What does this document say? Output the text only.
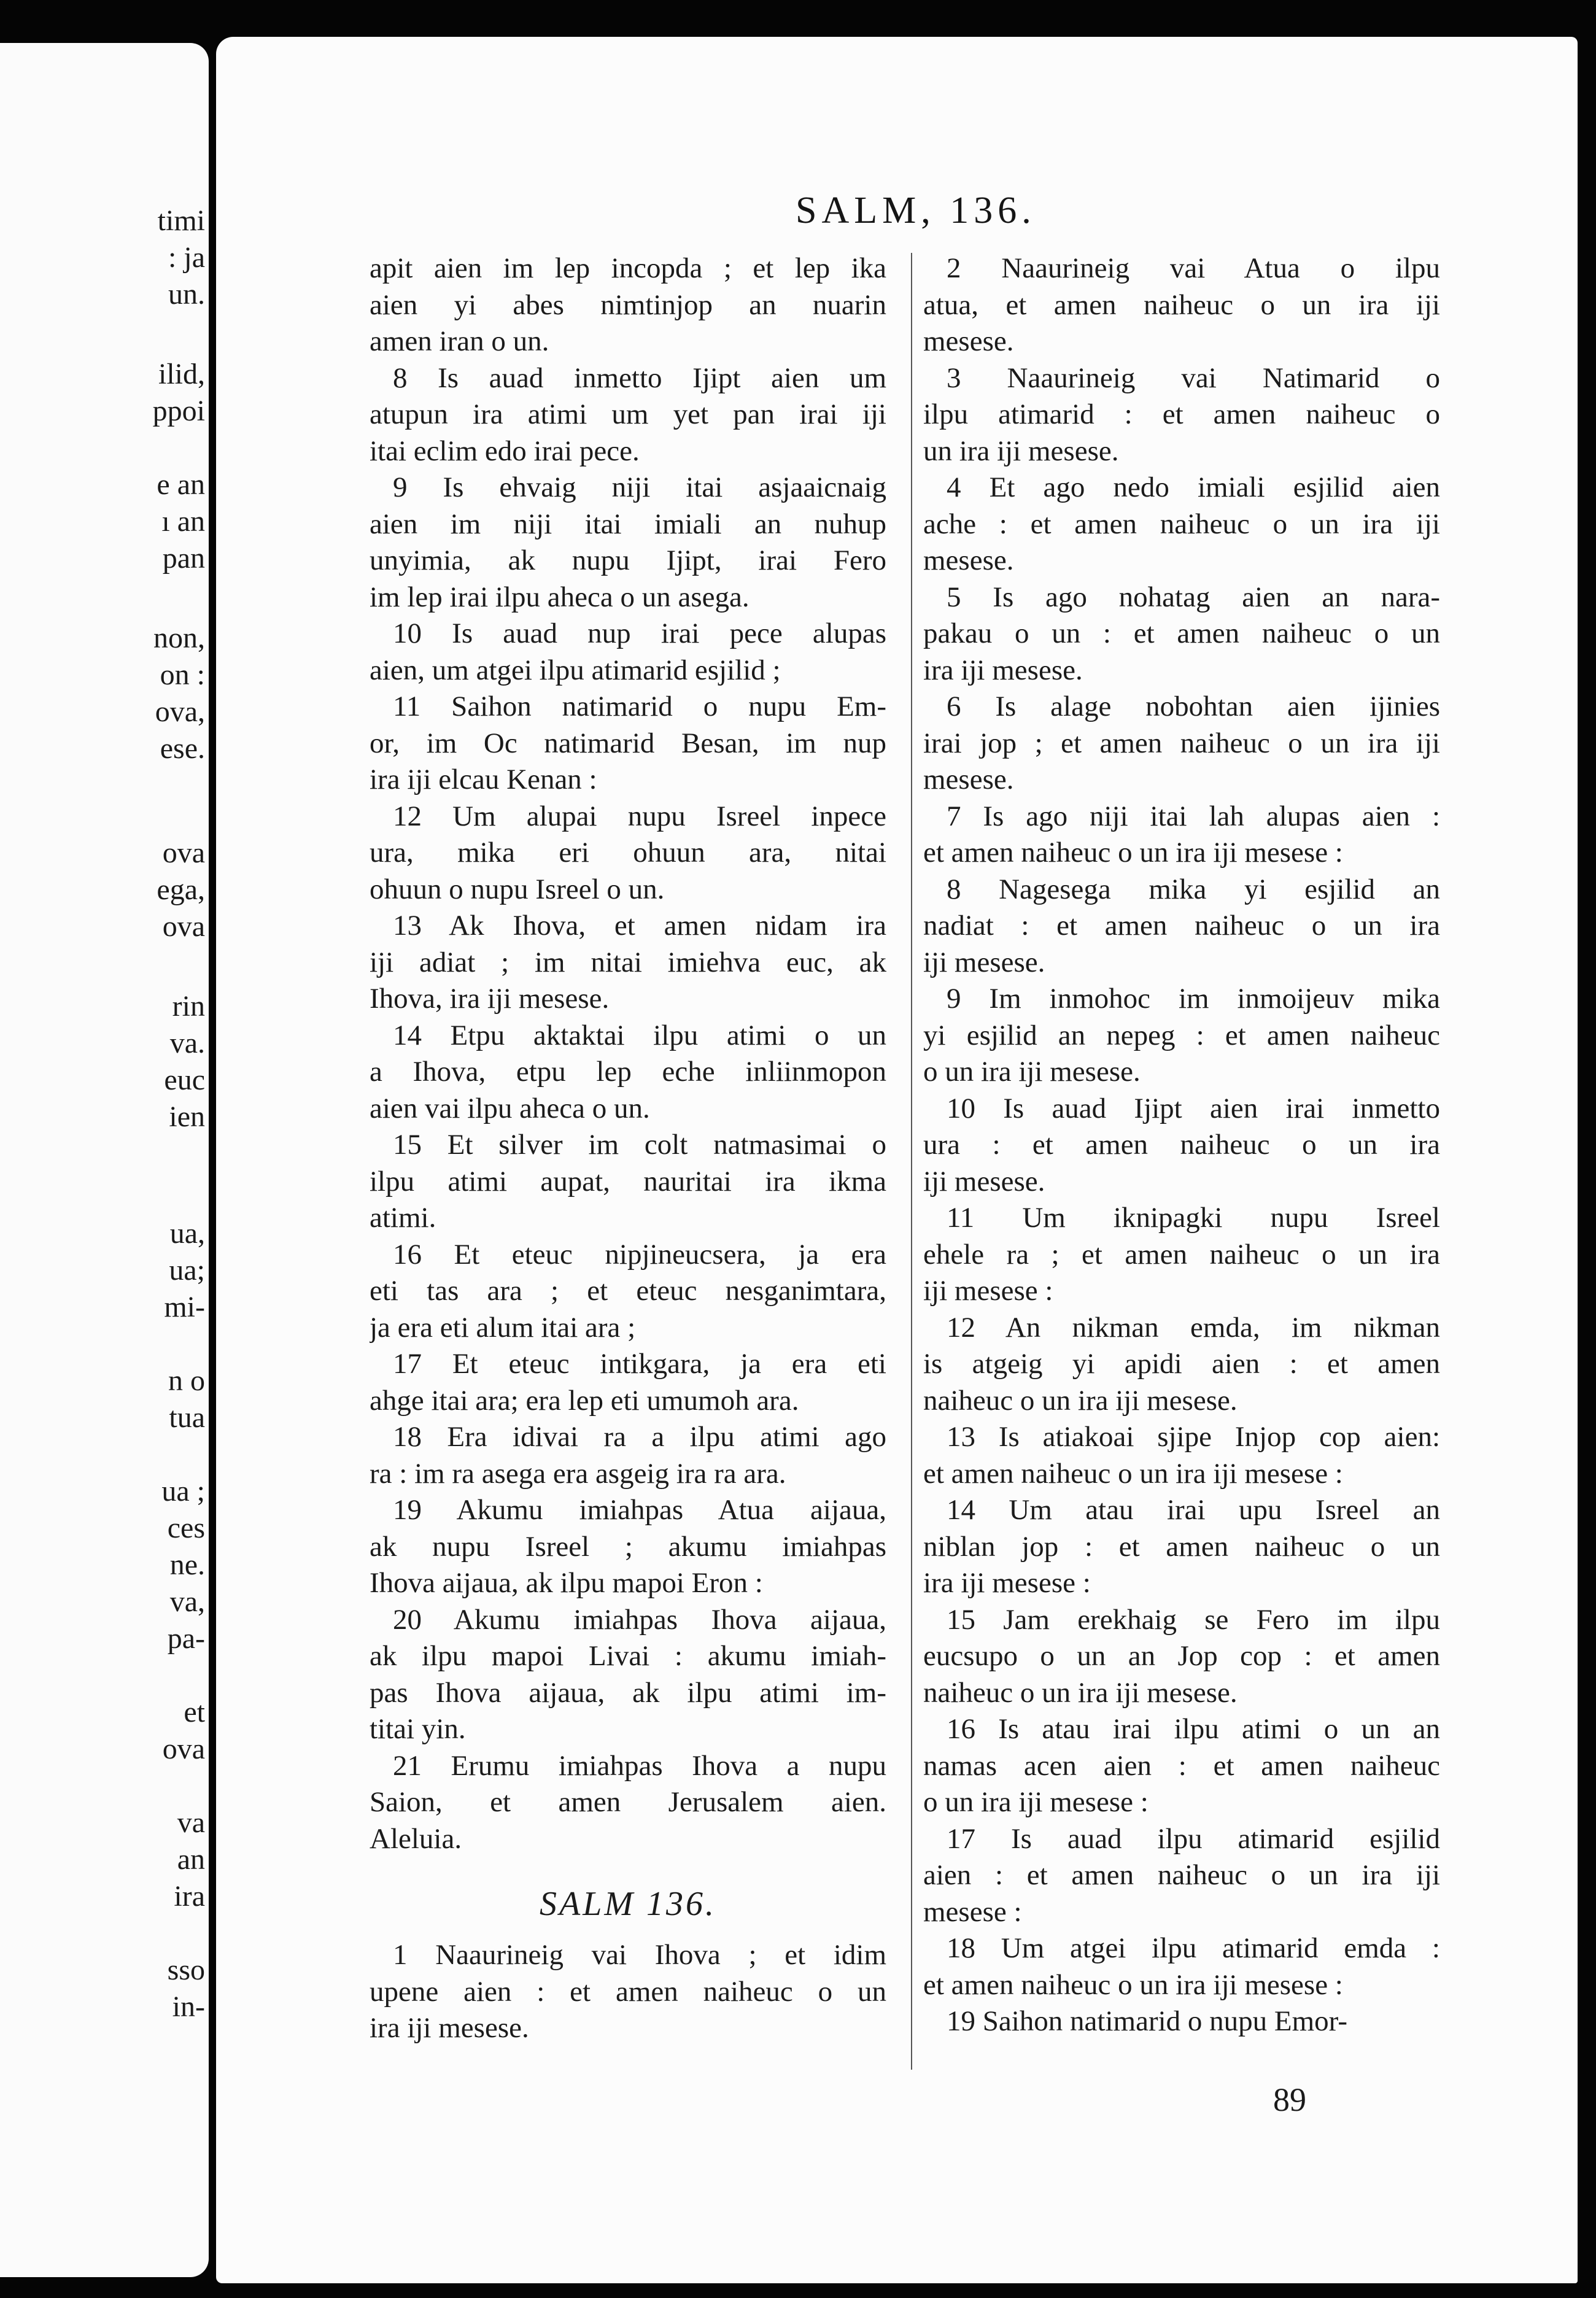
timi
: ja
un.
ilid,
ppoi
e an
ı an
pan
non,
on :
ova,
ese.
ova
ega,
ova
rin
va.
euc
ien
ua,
ua;
mi-
n o
tua
ua ;
ces
ne.
va,
pa-
et
ova
va
an
ira
sso
in-
SALM, 136.
apit aien im lep incopda ; et lep ika
aien yi abes nimtinjop an nuarin
amen iran o un.
8 Is auad inmetto Ijipt aien um
atupun ira atimi um yet pan irai iji
itai eclim edo irai pece.
9 Is ehvaig niji itai asjaaicnaig
aien im niji itai imiali an nuhup
unyimia, ak nupu Ijipt, irai Fero
im lep irai ilpu aheca o un asega.
10 Is auad nup irai pece alupas
aien, um atgei ilpu atimarid esjilid ;
11 Saihon natimarid o nupu Em-
or, im Oc natimarid Besan, im nup
ira iji elcau Kenan :
12 Um alupai nupu Isreel inpece
ura, mika eri ohuun ara, nitai
ohuun o nupu Isreel o un.
13 Ak Ihova, et amen nidam ira
iji adiat ; im nitai imiehva euc, ak
Ihova, ira iji mesese.
14 Etpu aktaktai ilpu atimi o un
a Ihova, etpu lep eche inliinmopon
aien vai ilpu aheca o un.
15 Et silver im colt natmasimai o
ilpu atimi aupat, nauritai ira ikma
atimi.
16 Et eteuc nipjineucsera, ja era
eti tas ara ; et eteuc nesganimtara,
ja era eti alum itai ara ;
17 Et eteuc intikgara, ja era eti
ahge itai ara; era lep eti umumoh ara.
18 Era idivai ra a ilpu atimi ago
ra : im ra asega era asgeig ira ra ara.
19 Akumu imiahpas Atua aijaua,
ak nupu Isreel ; akumu imiahpas
Ihova aijaua, ak ilpu mapoi Eron :
20 Akumu imiahpas Ihova aijaua,
ak ilpu mapoi Livai : akumu imiah-
pas Ihova aijaua, ak ilpu atimi im-
titai yin.
21 Erumu imiahpas Ihova a nupu
Saion, et amen Jerusalem aien.
Aleluia.
SALM 136.
1 Naaurineig vai Ihova ; et idim
upene aien : et amen naiheuc o un
ira iji mesese.
2 Naaurineig vai Atua o ilpu
atua, et amen naiheuc o un ira iji
mesese.
3 Naaurineig vai Natimarid o
ilpu atimarid : et amen naiheuc o
un ira iji mesese.
4 Et ago nedo imiali esjilid aien
ache : et amen naiheuc o un ira iji
mesese.
5 Is ago nohatag aien an nara-
pakau o un : et amen naiheuc o un
ira iji mesese.
6 Is alage nobohtan aien ijinies
irai jop ; et amen naiheuc o un ira iji
mesese.
7 Is ago niji itai lah alupas aien :
et amen naiheuc o un ira iji mesese :
8 Nagesega mika yi esjilid an
nadiat : et amen naiheuc o un ira
iji mesese.
9 Im inmohoc im inmoijeuv mika
yi esjilid an nepeg : et amen naiheuc
o un ira iji mesese.
10 Is auad Ijipt aien irai inmetto
ura : et amen naiheuc o un ira
iji mesese.
11 Um iknipagki nupu Isreel
ehele ra ; et amen naiheuc o un ira
iji mesese :
12 An nikman emda, im nikman
is atgeig yi apidi aien : et amen
naiheuc o un ira iji mesese.
13 Is atiakoai sjipe Injop cop aien:
et amen naiheuc o un ira iji mesese :
14 Um atau irai upu Isreel an
niblan jop : et amen naiheuc o un
ira iji mesese :
15 Jam erekhaig se Fero im ilpu
eucsupo o un an Jop cop : et amen
naiheuc o un ira iji mesese.
16 Is atau irai ilpu atimi o un an
namas acen aien : et amen naiheuc
o un ira iji mesese :
17 Is auad ilpu atimarid esjilid
aien : et amen naiheuc o un ira iji
mesese :
18 Um atgei ilpu atimarid emda :
et amen naiheuc o un ira iji mesese :
19 Saihon natimarid o nupu Emor-
89
